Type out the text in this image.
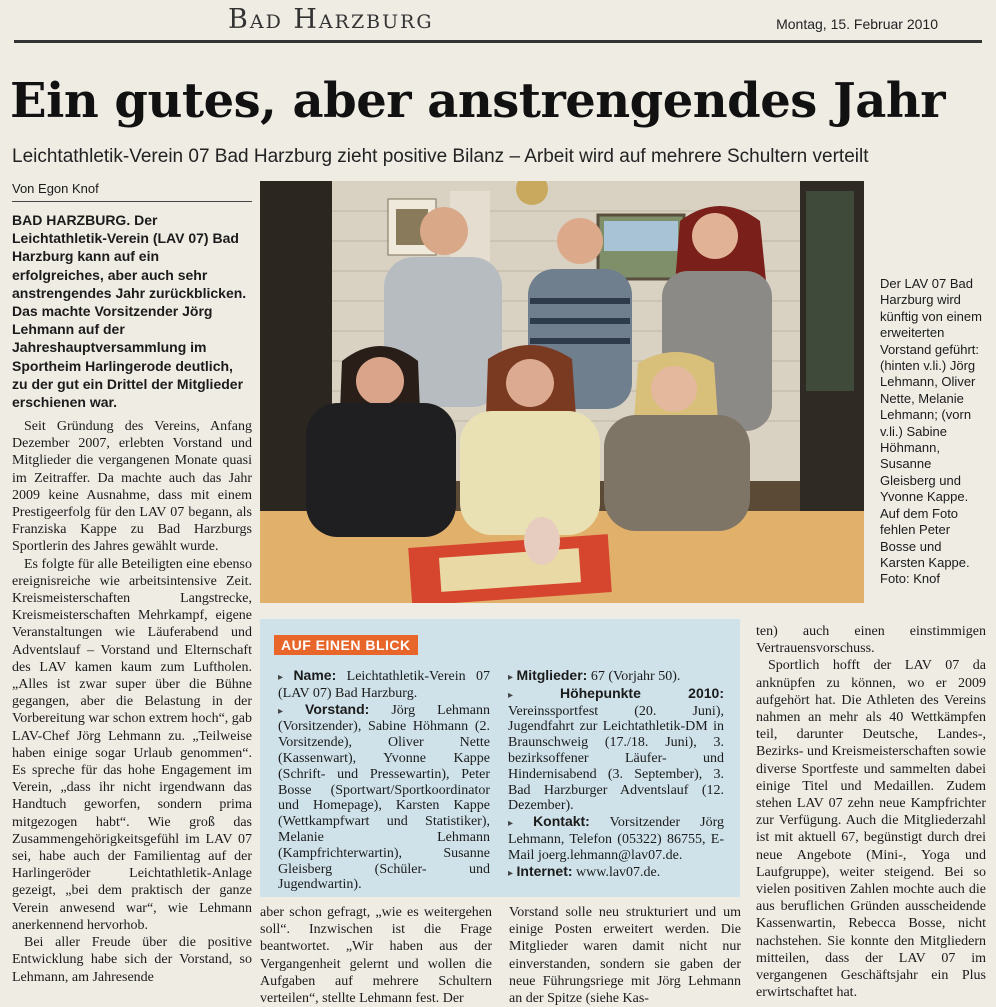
Bad Harzburg	Montag, 15. Februar 2010
Ein gutes, aber anstrengendes Jahr
Leichtathletik-Verein 07 Bad Harzburg zieht positive Bilanz – Arbeit wird auf mehrere Schultern verteilt
Von Egon Knof
BAD HARZBURG. Der Leichtathletik-Verein (LAV 07) Bad Harzburg kann auf ein erfolgreiches, aber auch sehr anstrengendes Jahr zurückblicken. Das machte Vorsitzender Jörg Lehmann auf der Jahreshauptversammlung im Sportheim Harlingerode deutlich, zu der gut ein Drittel der Mitglieder erschienen war.

Seit Gründung des Vereins, Anfang Dezember 2007, erlebten Vorstand und Mitglieder die vergangenen Monate quasi im Zeitraffer. Da machte auch das Jahr 2009 keine Ausnahme, dass mit einem Prestigeerfolg für den LAV 07 begann, als Franziska Kappe zu Bad Harzburgs Sportlerin des Jahres gewählt wurde.

Es folgte für alle Beteiligten eine ebenso ereignisreiche wie arbeitsintensive Zeit. Kreismeisterschaften Langstrecke, Kreismeisterschaften Mehrkampf, eigene Veranstaltungen wie Läuferabend und Adventslauf – Vorstand und Elternschaft des LAV kamen kaum zum Luftholen. „Alles ist zwar super über die Bühne gegangen, aber die Belastung in der Vorbereitung war schon extrem hoch“, gab LAV-Chef Jörg Lehmann zu. „Teilweise haben einige sogar Urlaub genommen“. Es spreche für das hohe Engagement im Verein, „dass ihr nicht irgendwann das Handtuch geworfen, sondern prima mitgezogen habt“. Wie groß das Zusammengehörigkeitsgefühl im LAV 07 sei, habe auch der Familientag auf der Harlingeröder Leichtathletik-Anlage gezeigt, „bei dem praktisch der ganze Verein anwesend war“, wie Lehmann anerkennend hervorhob.

Bei aller Freude über die positive Entwicklung habe sich der Vorstand, so Lehmann, am Jahresende

Der LAV 07 Bad Harzburg wird künftig von einem erweiterten Vorstand geführt: (hinten v.li.) Jörg Lehmann, Oliver Nette, Melanie Lehmann; (vorn v.li.) Sabine Höhmann, Susanne Gleisberg und Yvonne Kappe. Auf dem Foto fehlen Peter Bosse und Karsten Kappe. Foto: Knof
AUF EINEN BLICK
▸ Name: Leichtathletik-Verein 07 (LAV 07) Bad Harzburg.
▸ Vorstand: Jörg Lehmann (Vorsitzender), Sabine Höhmann (2. Vorsitzende), Oliver Nette (Kassenwart), Yvonne Kappe (Schrift- und Pressewartin), Peter Bosse (Sportwart/Sportkoordinator und Homepage), Karsten Kappe (Wettkampfwart und Statistiker), Melanie Lehmann (Kampfrichterwartin), Susanne Gleisberg (Schüler- und Jugendwartin).
▸ Mitglieder: 67 (Vorjahr 50).
▸	Höhepunkte 2010: Vereinssportfest (20. Juni), Jugendfahrt zur Leichtathletik-DM in Braunschweig (17./18. Juni), 3. bezirksoffener Läufer- und Hindernisabend (3. September), 3. Bad Harzburger Adventslauf (12. Dezember).
▸ Kontakt: Vorsitzender Jörg Lehmann, Telefon (05322) 86755, E-Mail joerg.lehmann@lav07.de.
▸ Internet: www.lav07.de.

aber schon gefragt, „wie es weitergehen soll“. Inzwischen ist die Frage beantwortet. „Wir haben aus der Vergangenheit gelernt und wollen die Aufgaben auf mehrere Schultern verteilen“, stellte Lehmann fest. Der

Vorstand solle neu strukturiert und um einige Posten erweitert werden. Die Mitglieder waren damit nicht nur einverstanden, sondern sie gaben der neue Führungsriege mit Jörg Lehmann an der Spitze (siehe Kas-

ten) auch einen einstimmigen Vertrauensvorschuss.

Sportlich hofft der LAV 07 da anknüpfen zu können, wo er 2009 aufgehört hat. Die Athleten des Vereins nahmen an mehr als 40 Wettkämpfen teil, darunter Deutsche, Landes-, Bezirks- und Kreismeisterschaften sowie diverse Sportfeste und sammelten dabei einige Titel und Medaillen. Zudem stehen LAV 07 zehn neue Kampfrichter zur Verfügung. Auch die Mitgliederzahl ist mit aktuell 67, begünstigt durch drei neue Angebote (Mini-, Yoga und Laufgruppe), weiter steigend. Bei so vielen positiven Zahlen mochte auch die aus beruflichen Gründen ausscheidende Kassenwartin, Rebecca Bosse, nicht nachstehen. Sie konnte den Mitgliedern mitteilen, dass der LAV 07 im vergangenen Geschäftsjahr ein Plus erwirtschaftet hat.
